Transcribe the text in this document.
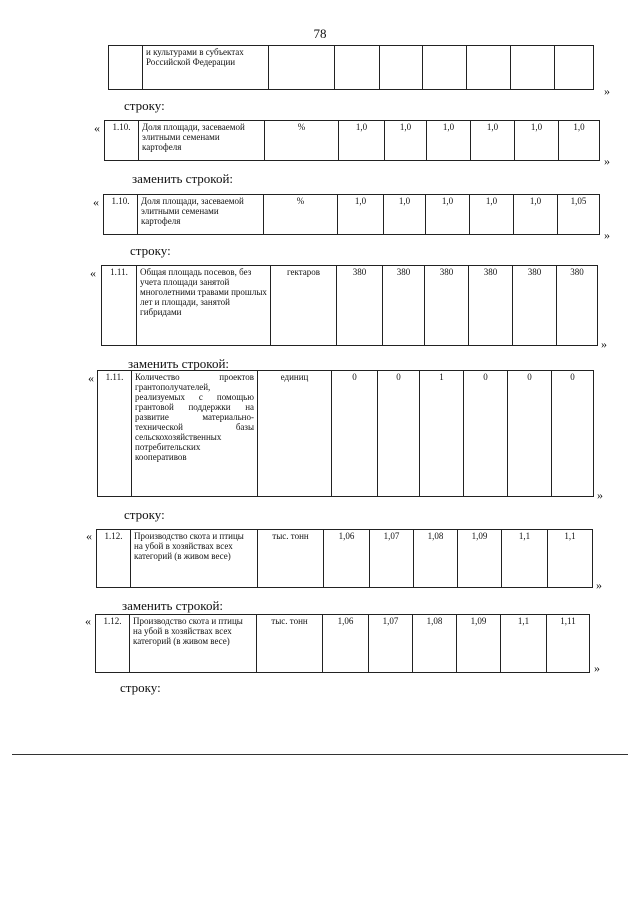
78
	и культурами в субъектах Российской Федерации							
»
строку:
« 1.10.	Доля площади, засеваемой элитными семенами картофеля	%	1,0	1,0	1,0	1,0	1,0	1,0
»
заменить строкой:
« 1.10.	Доля площади, засеваемой элитными семенами картофеля	%	1,0	1,0	1,0	1,0	1,0	1,05
»
строку:
« 1.11.	Общая площадь посевов, без учета площади занятой многолетними травами прошлых лет и площади, занятой гибридами	гектаров	380	380	380	380	380	380
»
заменить строкой:
« 1.11.	Количество проектов грантополучателей, реализуемых с помощью грантовой поддержки на развитие материально-технической базы сельскохозяйственных потребительских кооперативов	единиц	0	0	1	0	0	0
»
строку:
« 1.12.	Производство скота и птицы на убой в хозяйствах всех категорий (в живом весе)	тыс. тонн	1,06	1,07	1,08	1,09	1,1	1,1
»
заменить строкой:
« 1.12.	Производство скота и птицы на убой в хозяйствах всех категорий (в живом весе)	тыс. тонн	1,06	1,07	1,08	1,09	1,1	1,11
»
строку:
